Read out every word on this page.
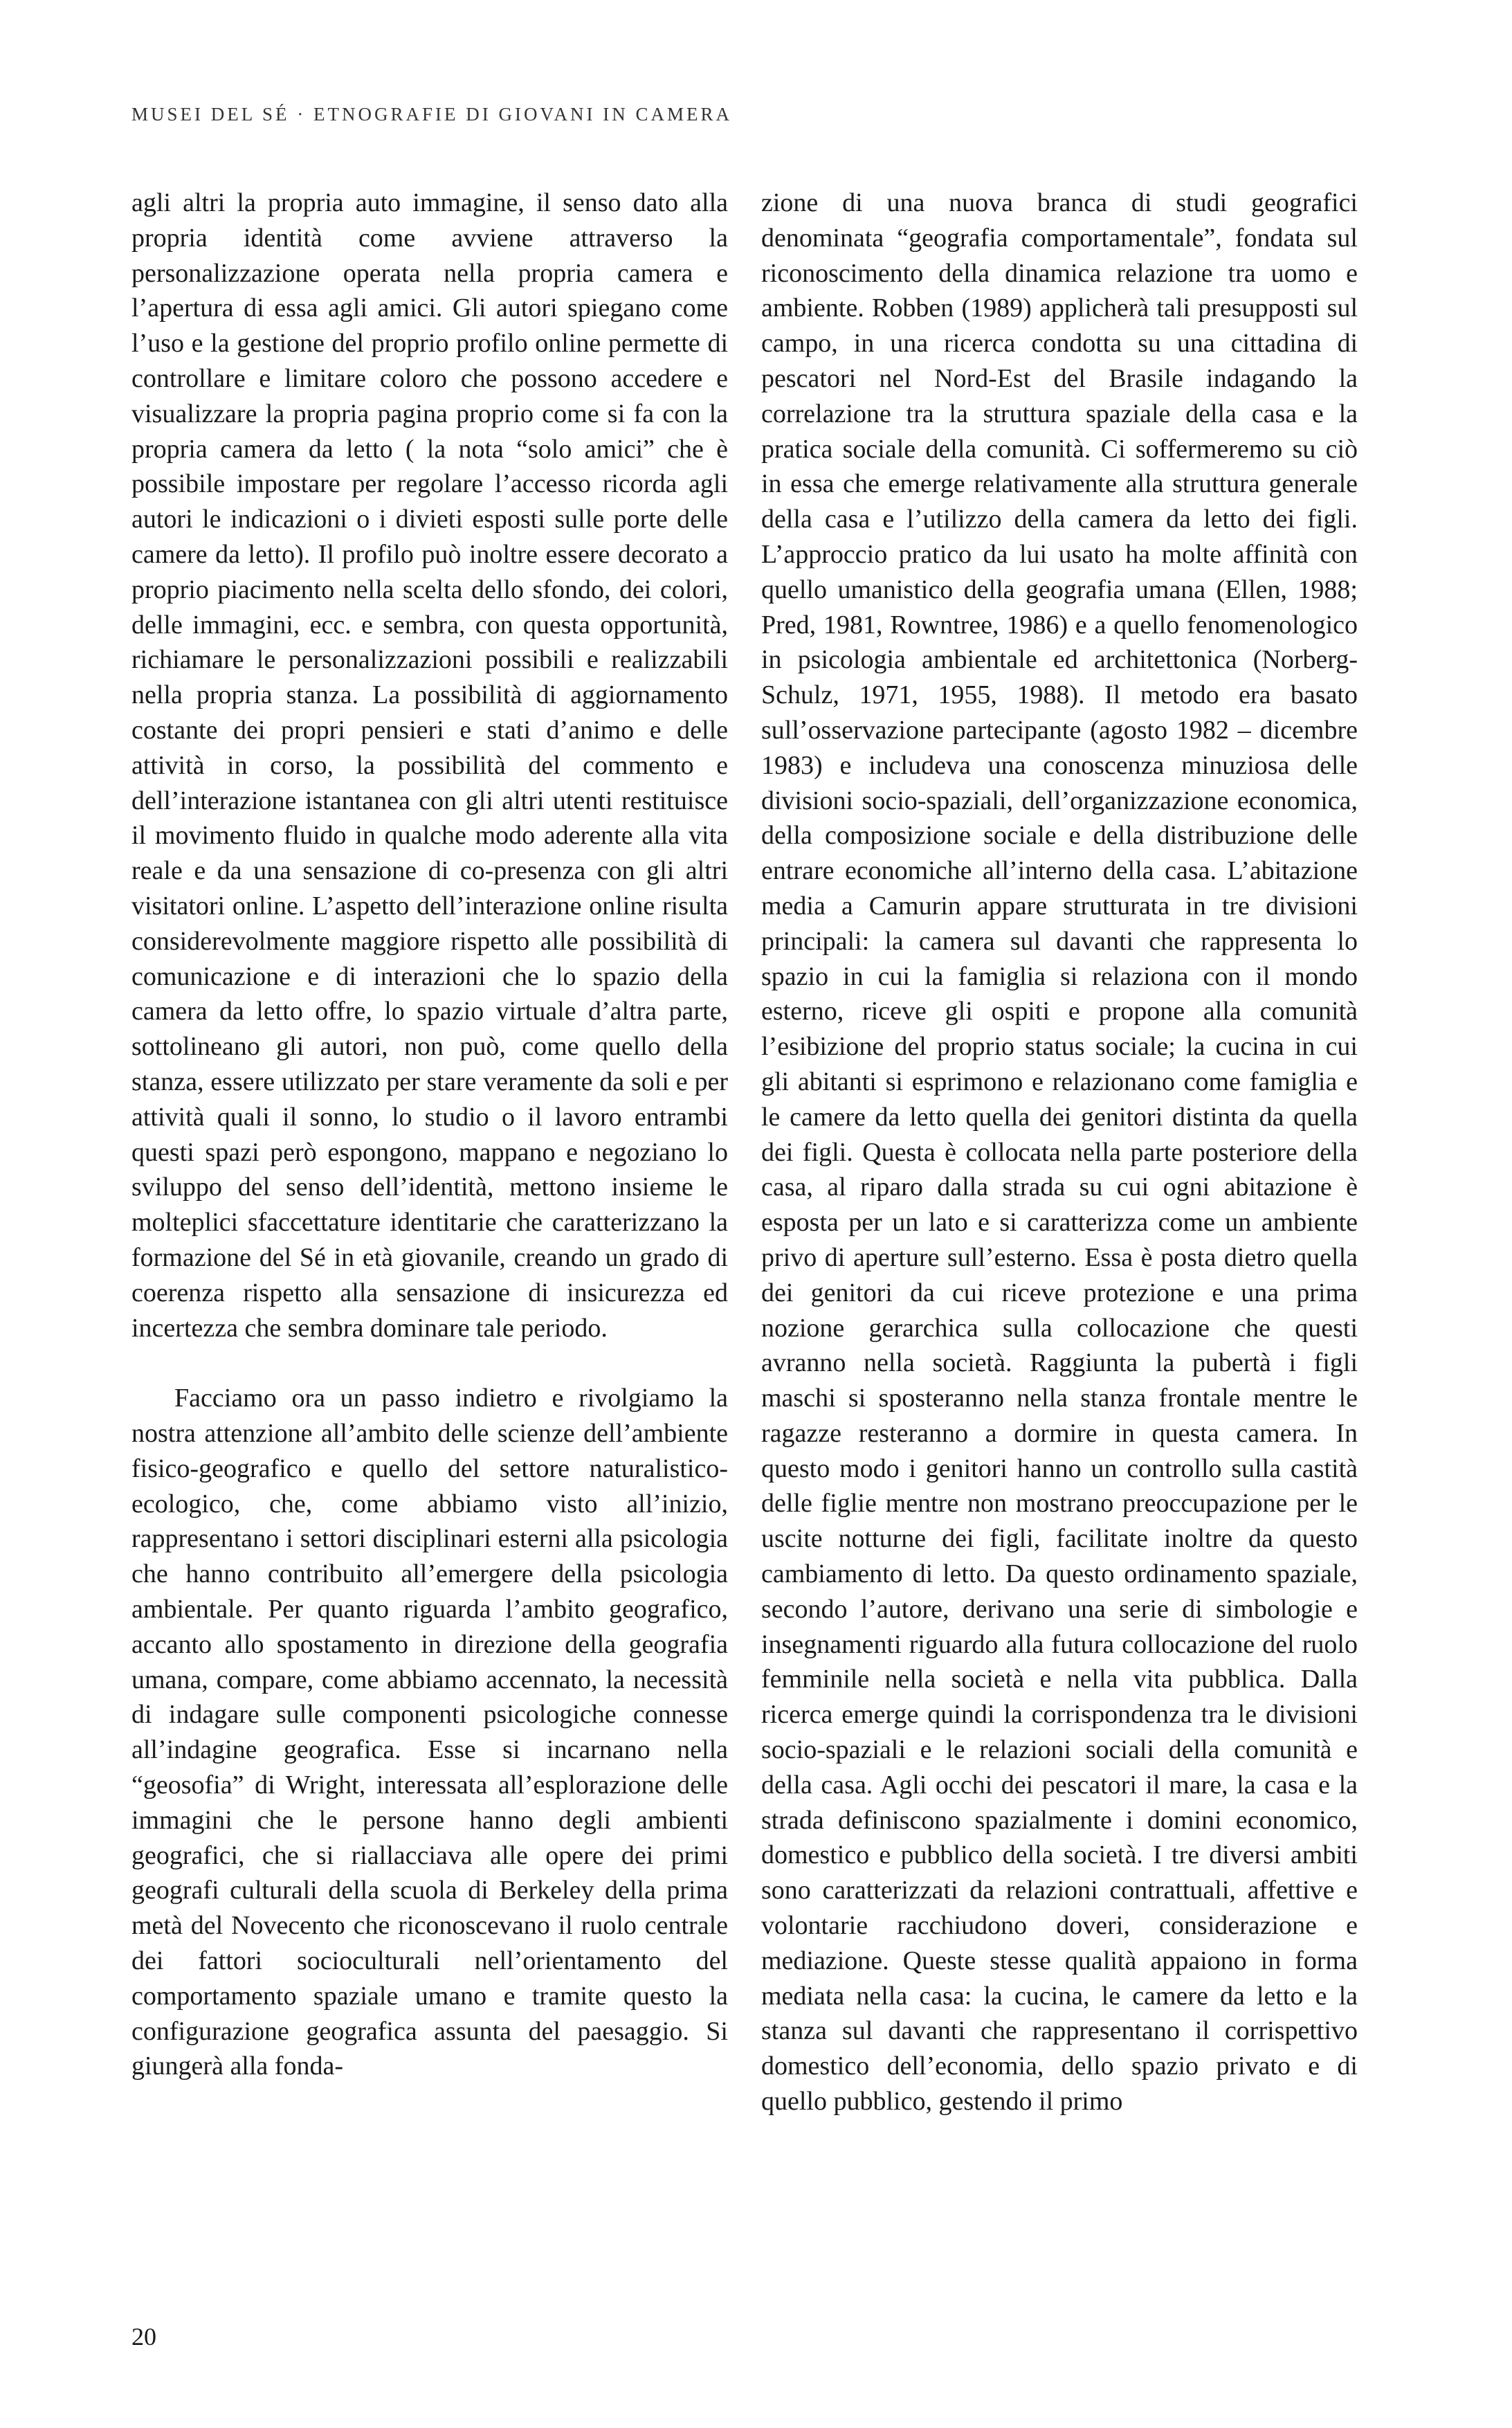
MUSEI DEL SÉ · ETNOGRAFIE DI GIOVANI IN CAMERA

agli altri la propria auto immagine, il senso dato alla propria identità come avviene attraverso la personalizzazione operata nella propria camera e l’apertura di essa agli amici. Gli autori spiegano come l’uso e la gestione del proprio profilo online permette di controllare e limitare coloro che possono accedere e visualizzare la propria pagina proprio come si fa con la propria camera da letto ( la nota “solo amici” che è possibile impostare per regolare l’accesso ricorda agli autori le indicazioni o i divieti esposti sulle porte delle camere da letto). Il profilo può inoltre essere decorato a proprio piacimento nella scelta dello sfondo, dei colori, delle immagini, ecc. e sembra, con questa opportunità, richiamare le personalizzazioni possibili e realizzabili nella propria stanza. La possibilità di aggiornamento costante dei propri pensieri e stati d’animo e delle attività in corso, la possibilità del commento e dell’interazione istantanea con gli altri utenti restituisce il movimento fluido in qualche modo aderente alla vita reale e da una sensazione di co-presenza con gli altri visitatori online. L’aspetto dell’interazione online risulta considerevolmente maggiore rispetto alle possibilità di comunicazione e di interazioni che lo spazio della camera da letto offre, lo spazio virtuale d’altra parte, sottolineano gli autori, non può, come quello della stanza, essere utilizzato per stare veramente da soli e per attività quali il sonno, lo studio o il lavoro entrambi questi spazi però espongono, mappano e negoziano lo sviluppo del senso dell’identità, mettono insieme le molteplici sfaccettature identitarie che caratterizzano la formazione del Sé in età giovanile, creando un grado di coerenza rispetto alla sensazione di insicurezza ed incertezza che sembra dominare tale periodo.

Facciamo ora un passo indietro e rivolgiamo la nostra attenzione all’ambito delle scienze dell’ambiente fisico-geografico e quello del settore naturalistico-ecologico, che, come abbiamo visto all’inizio, rappresentano i settori disciplinari esterni alla psicologia che hanno contribuito all’emergere della psicologia ambientale. Per quanto riguarda l’ambito geografico, accanto allo spostamento in direzione della geografia umana, compare, come abbiamo accennato, la necessità di indagare sulle componenti psicologiche connesse all’indagine geografica. Esse si incarnano nella “geosofia” di Wright, interessata all’esplorazione delle immagini che le persone hanno degli ambienti geografici, che si riallacciava alle opere dei primi geografi culturali della scuola di Berkeley della prima metà del Novecento che riconoscevano il ruolo centrale dei fattori socioculturali nell’orientamento del comportamento spaziale umano e tramite questo la configurazione geografica assunta del paesaggio. Si giungerà alla fonda-

zione di una nuova branca di studi geografici denominata “geografia comportamentale”, fondata sul riconoscimento della dinamica relazione tra uomo e ambiente. Robben (1989) applicherà tali presupposti sul campo, in una ricerca condotta su una cittadina di pescatori nel Nord-Est del Brasile indagando la correlazione tra la struttura spaziale della casa e la pratica sociale della comunità. Ci soffermeremo su ciò in essa che emerge relativamente alla struttura generale della casa e l’utilizzo della camera da letto dei figli. L’approccio pratico da lui usato ha molte affinità con quello umanistico della geografia umana (Ellen, 1988; Pred, 1981, Rowntree, 1986) e a quello fenomenologico in psicologia ambientale ed architettonica (Norberg-Schulz, 1971, 1955, 1988). Il metodo era basato sull’osservazione partecipante (agosto 1982 – dicembre 1983) e includeva una conoscenza minuziosa delle divisioni socio-spaziali, dell’organizzazione economica, della composizione sociale e della distribuzione delle entrare economiche all’interno della casa. L’abitazione media a Camurin appare strutturata in tre divisioni principali: la camera sul davanti che rappresenta lo spazio in cui la famiglia si relaziona con il mondo esterno, riceve gli ospiti e propone alla comunità l’esibizione del proprio status sociale; la cucina in cui gli abitanti si esprimono e relazionano come famiglia e le camere da letto quella dei genitori distinta da quella dei figli. Questa è collocata nella parte posteriore della casa, al riparo dalla strada su cui ogni abitazione è esposta per un lato e si caratterizza come un ambiente privo di aperture sull’esterno. Essa è posta dietro quella dei genitori da cui riceve protezione e una prima nozione gerarchica sulla collocazione che questi avranno nella società. Raggiunta la pubertà i figli maschi si sposteranno nella stanza frontale mentre le ragazze resteranno a dormire in questa camera. In questo modo i genitori hanno un controllo sulla castità delle figlie mentre non mostrano preoccupazione per le uscite notturne dei figli, facilitate inoltre da questo cambiamento di letto. Da questo ordinamento spaziale, secondo l’autore, derivano una serie di simbologie e insegnamenti riguardo alla futura collocazione del ruolo femminile nella società e nella vita pubblica. Dalla ricerca emerge quindi la corrispondenza tra le divisioni socio-spaziali e le relazioni sociali della comunità e della casa. Agli occhi dei pescatori il mare, la casa e la strada definiscono spazialmente i domini economico, domestico e pubblico della società. I tre diversi ambiti sono caratterizzati da relazioni contrattuali, affettive e volontarie racchiudono doveri, considerazione e mediazione. Queste stesse qualità appaiono in forma mediata nella casa: la cucina, le camere da letto e la stanza sul davanti che rappresentano il corrispettivo domestico dell’economia, dello spazio privato e di quello pubblico, gestendo il primo

20
